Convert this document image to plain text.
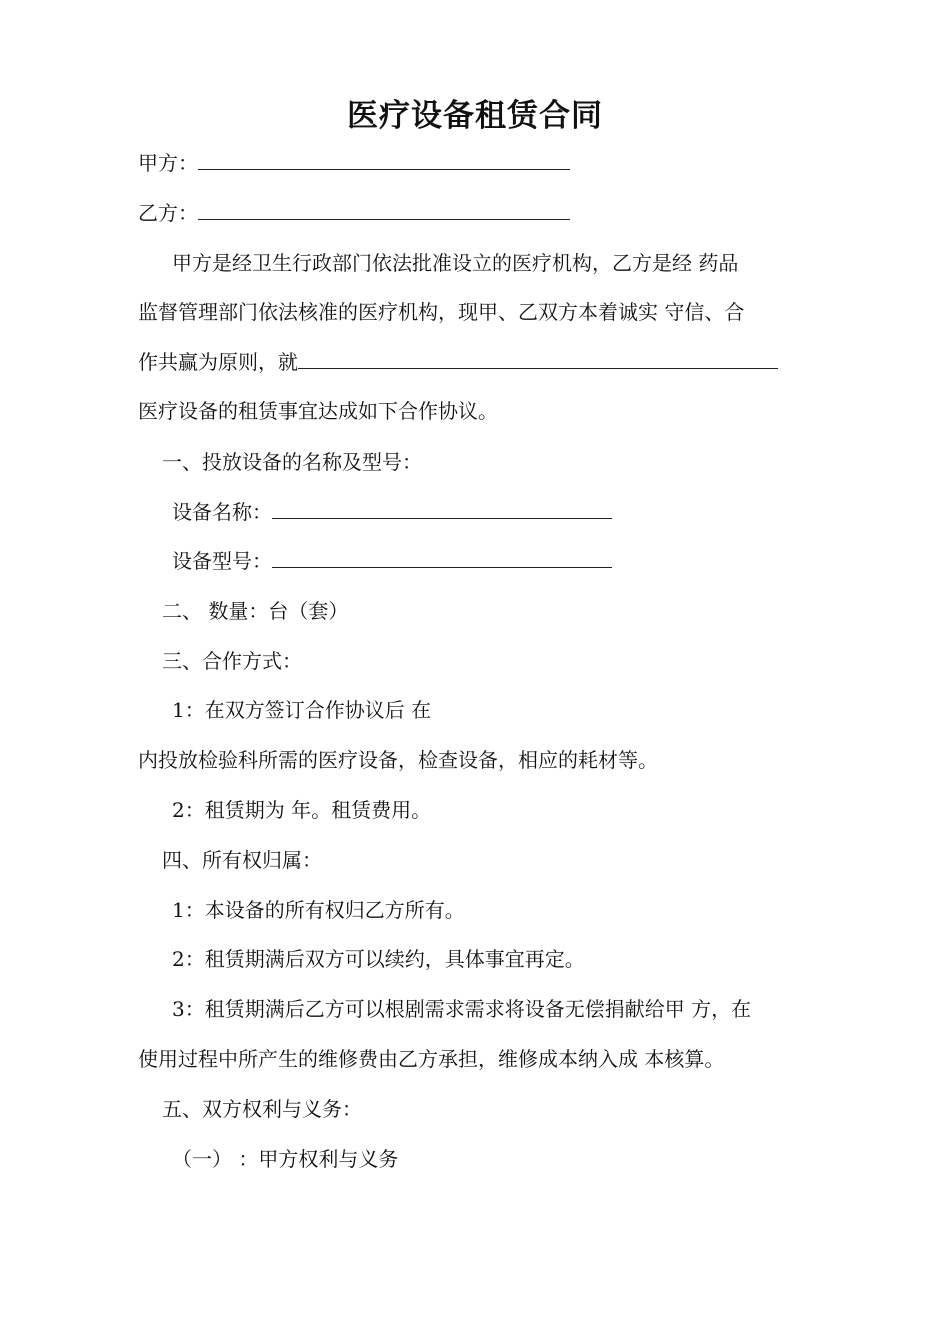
医疗设备租赁合同
甲方：
乙方：
甲方是经卫生行政部门依法批准设立的医疗机构，乙方是经 药品
监督管理部门依法核准的医疗机构，现甲、乙双方本着诚实 守信、合
作共赢为原则，就
医疗设备的租赁事宜达成如下合作协议。
一、投放设备的名称及型号：
设备名称：
设备型号：
二、 数量：台（套）
三、合作方式：
1：在双方签订合作协议后 在
内投放检验科所需的医疗设备，检查设备，相应的耗材等。
2：租赁期为 年。租赁费用。
四、所有权归属：
1：本设备的所有权归乙方所有。
2：租赁期满后双方可以续约，具体事宜再定。
3：租赁期满后乙方可以根剧需求需求将设备无偿捐献给甲 方，在
使用过程中所产生的维修费由乙方承担，维修成本纳入成 本核算。
五、双方权利与义务：
（一） ：甲方权利与义务
